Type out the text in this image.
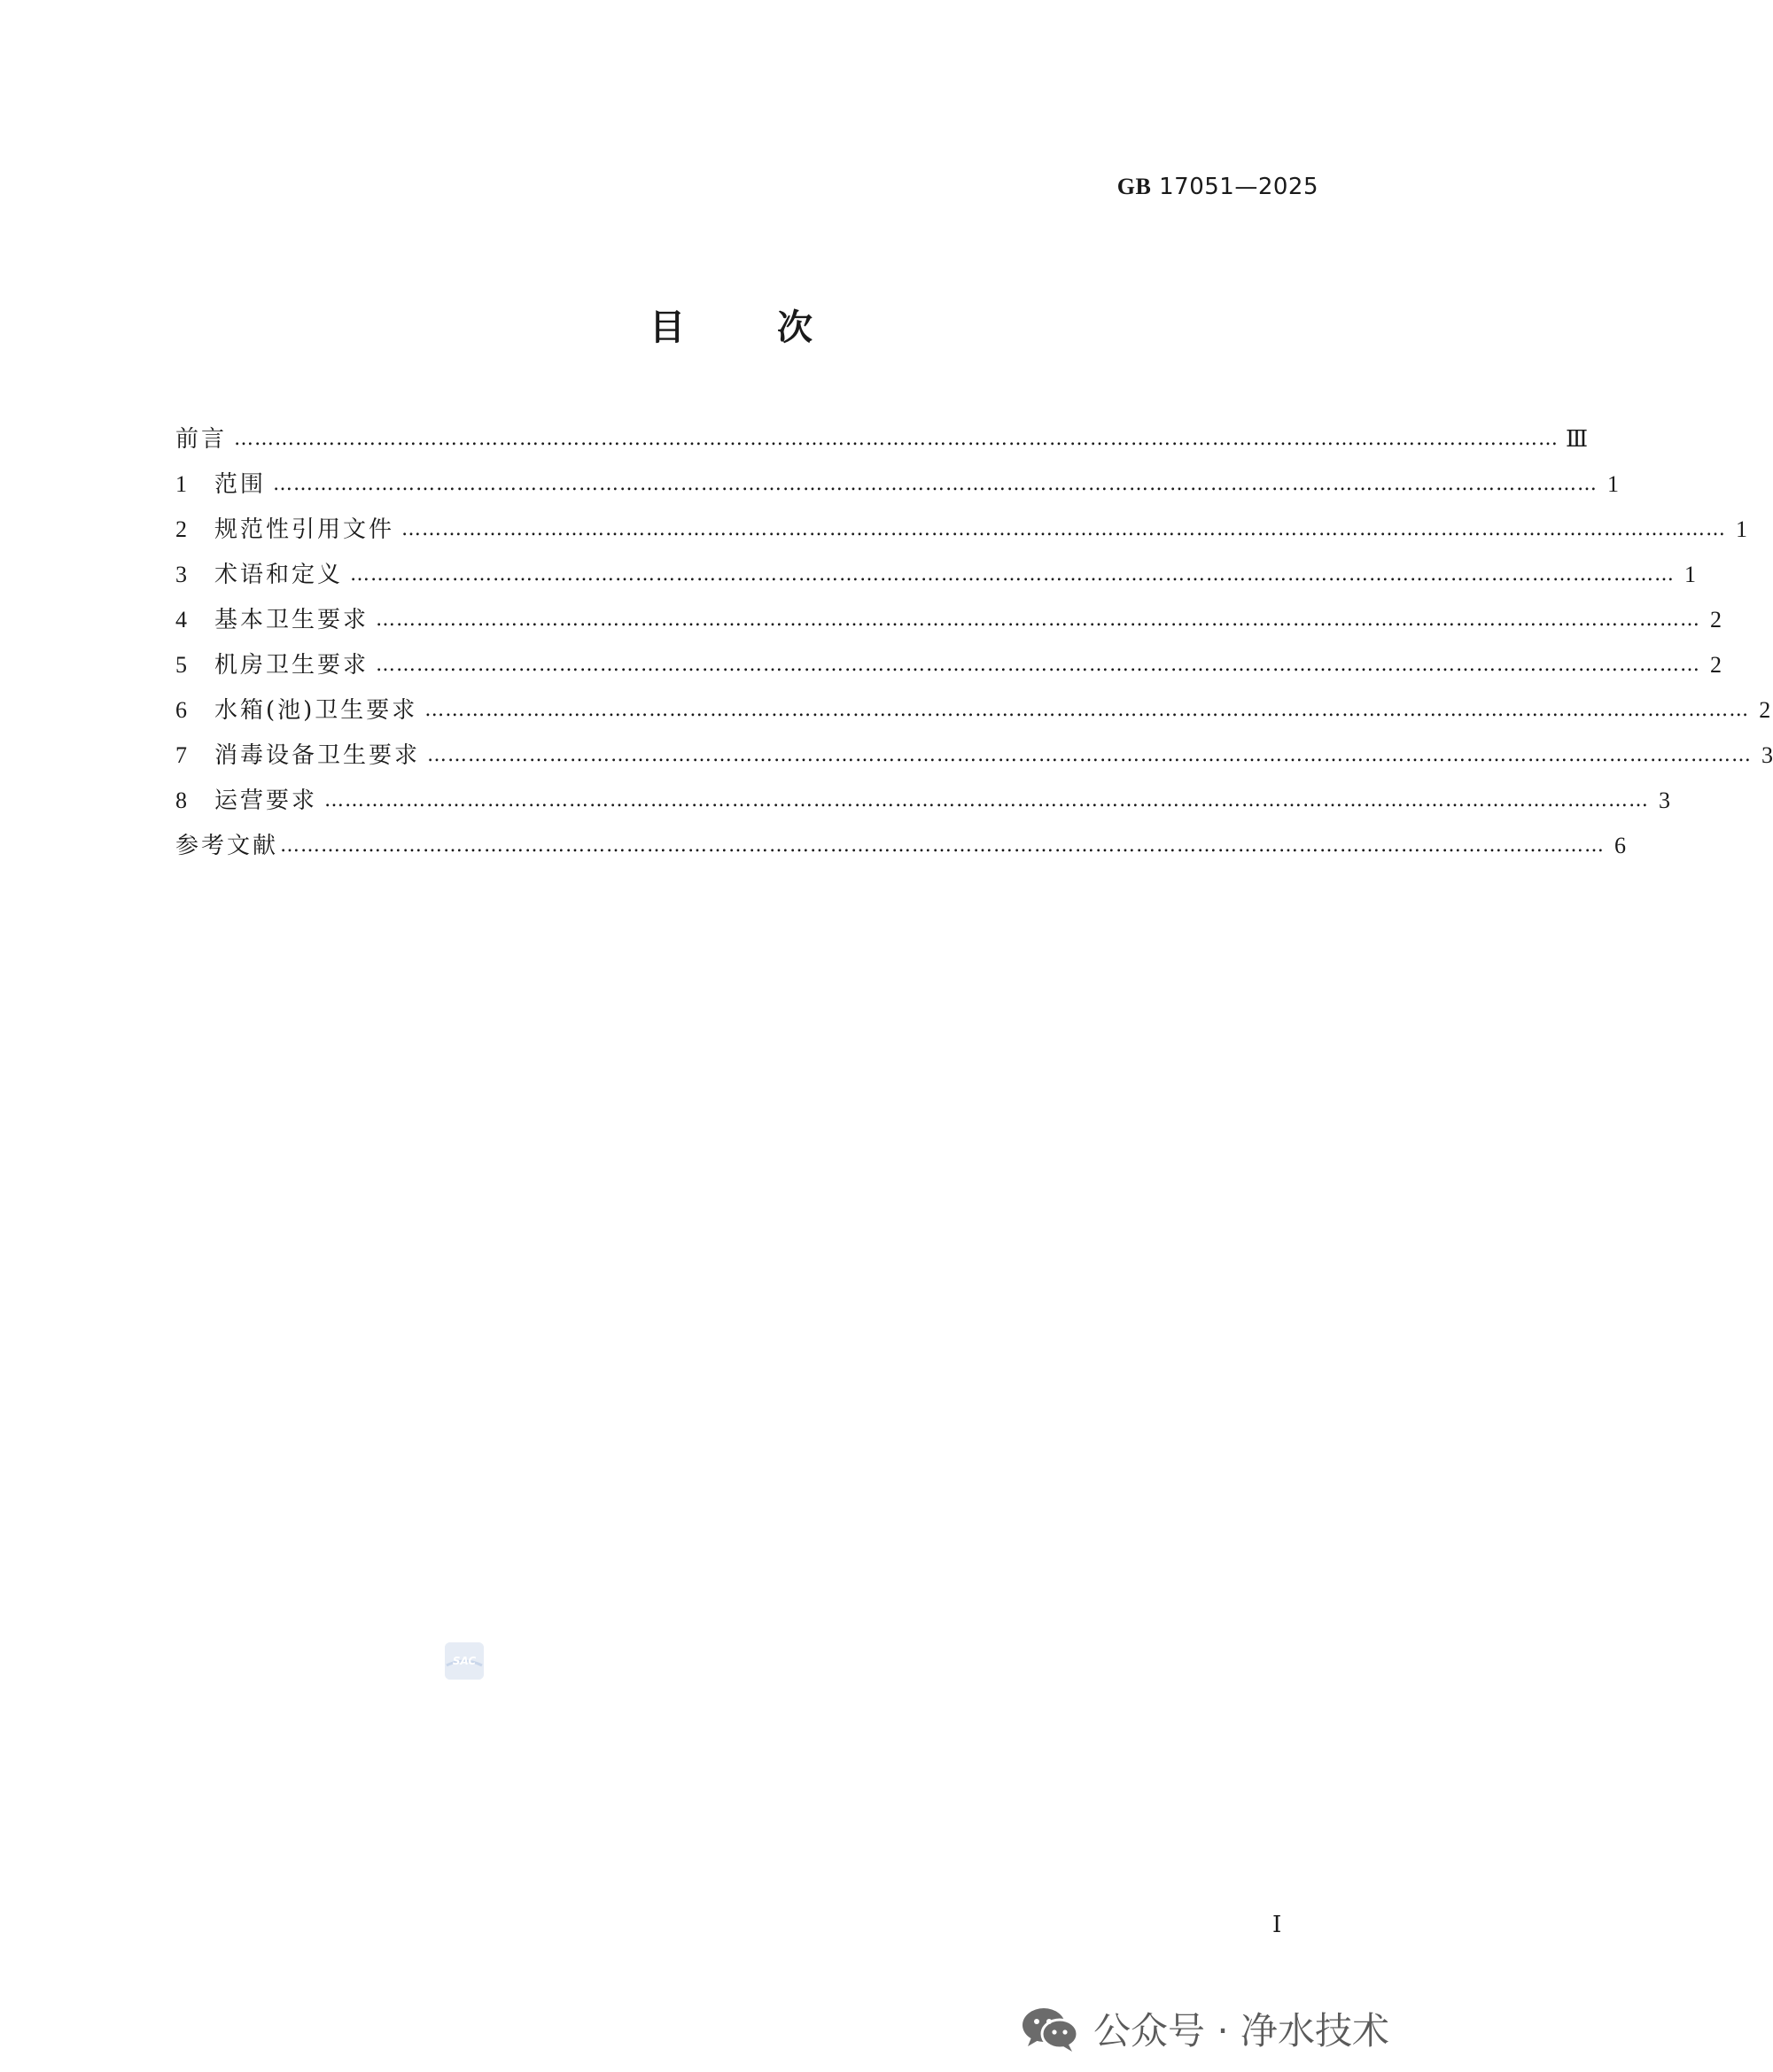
GB 17051—2025
目	次
前言 …………………………………………………………………………………………………………………………………………………………………………… Ⅲ
1	范围 …………………………………………………………………………………………………………………………………………………………………………… 1
2	规范性引用文件 …………………………………………………………………………………………………………………………………………………………………………… 1
3	术语和定义 …………………………………………………………………………………………………………………………………………………………………………… 1
4	基本卫生要求 …………………………………………………………………………………………………………………………………………………………………………… 2
5	机房卫生要求 …………………………………………………………………………………………………………………………………………………………………………… 2
6	水箱(池)卫生要求 …………………………………………………………………………………………………………………………………………………………………………… 2
7	消毒设备卫生要求 …………………………………………………………………………………………………………………………………………………………………………… 3
8	运营要求 …………………………………………………………………………………………………………………………………………………………………………… 3
参考文献 …………………………………………………………………………………………………………………………………………………………………………… 6
SAC
Ⅰ
公众号 · 净水技术
